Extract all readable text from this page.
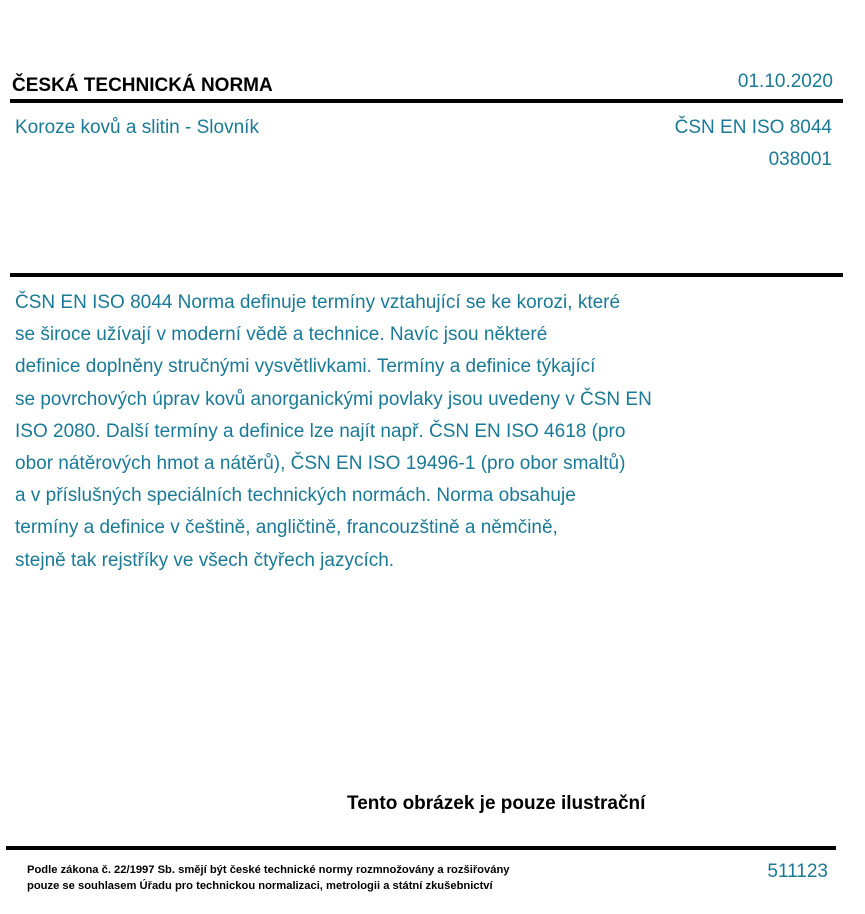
ČESKÁ TECHNICKÁ NORMA	01.10.2020
Koroze kovů a slitin - Slovník	ČSN EN ISO 8044
038001
ČSN EN ISO 8044 Norma definuje termíny vztahující se ke korozi, které
se široce užívají v moderní vědě a technice. Navíc jsou některé
definice doplněny stručnými vysvětlivkami. Termíny a definice týkající
se povrchových úprav kovů anorganickými povlaky jsou uvedeny v ČSN EN
ISO 2080. Další termíny a definice lze najít např. ČSN EN ISO 4618 (pro
obor nátěrových hmot a nátěrů), ČSN EN ISO 19496-1 (pro obor smaltů)
a v příslušných speciálních technických normách. Norma obsahuje
termíny a definice v češtině, angličtině, francouzštině a němčině,
stejně tak rejstříky ve všech čtyřech jazycích.
Tento obrázek je pouze ilustrační
Podle zákona č. 22/1997 Sb. smějí být české technické normy rozmnožovány a rozšiřovány
pouze se souhlasem Úřadu pro technickou normalizaci, metrologii a státní zkušebnictví
511123
